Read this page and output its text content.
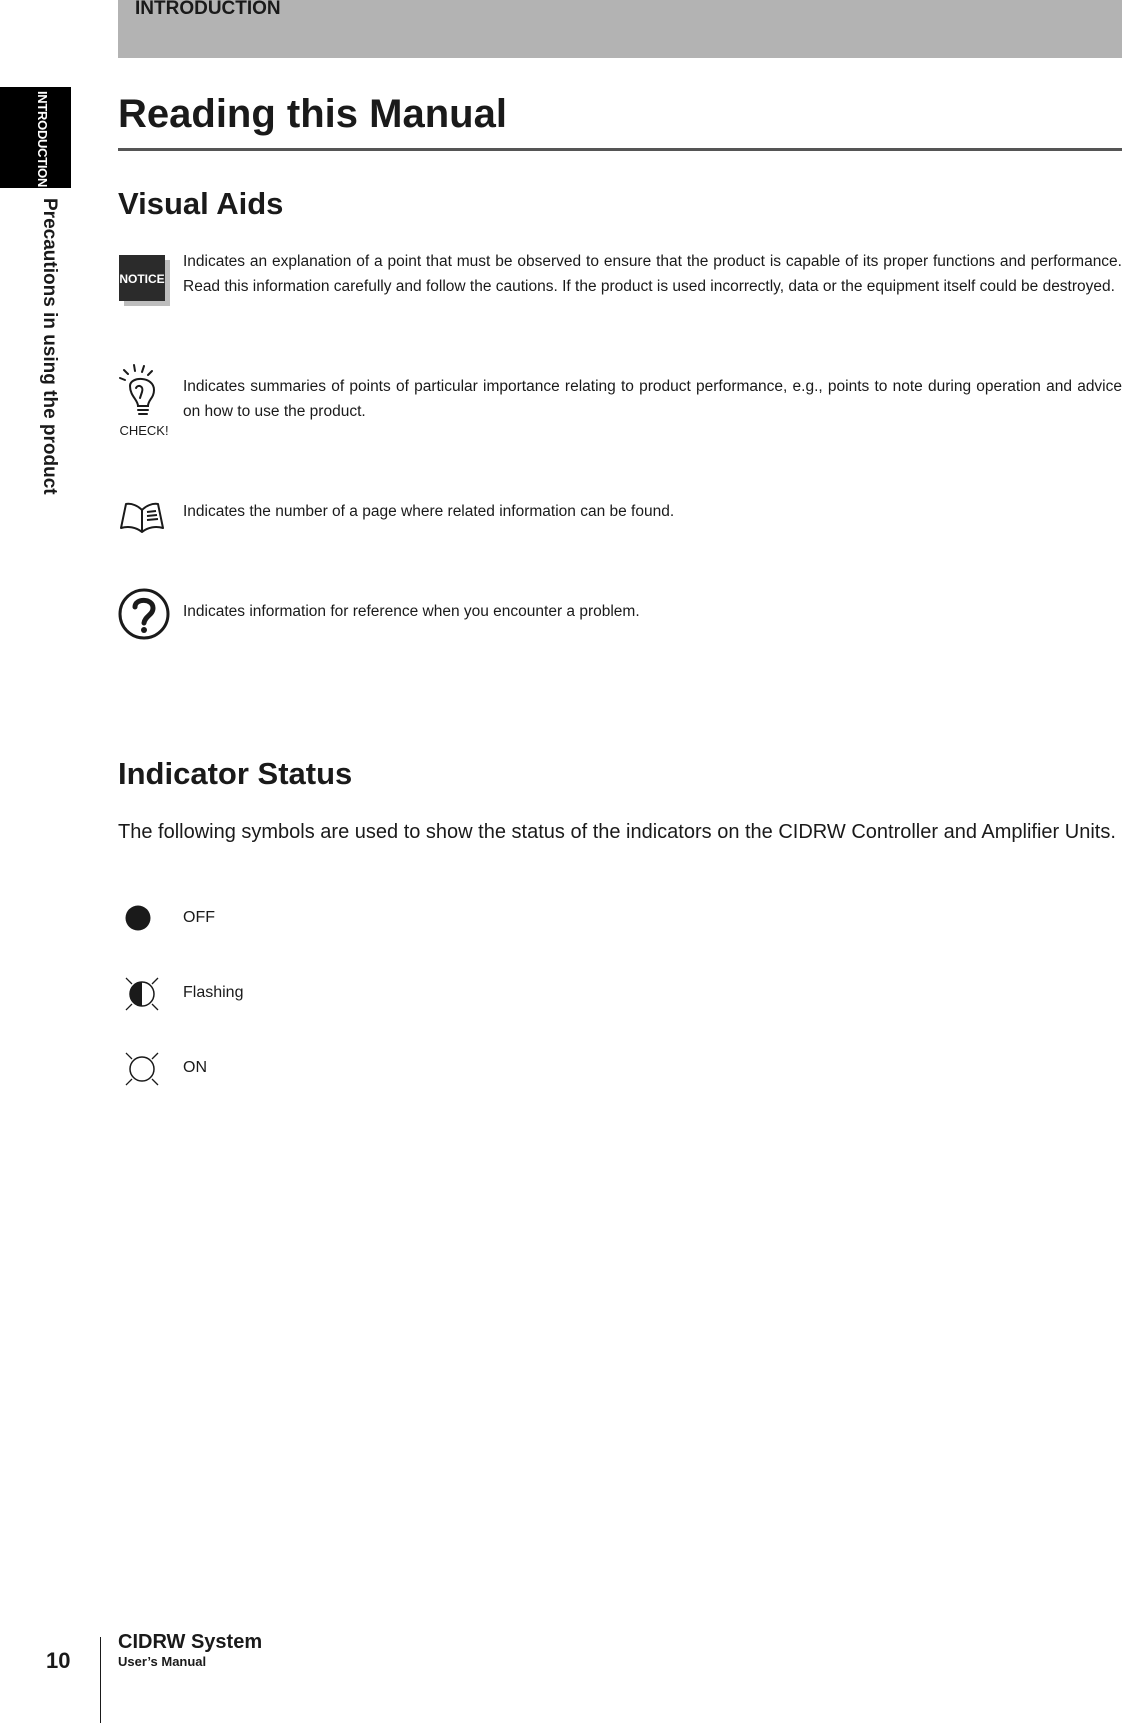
INTRODUCTION
INTRODUCTION
Precautions in using the product
Reading this Manual
Visual Aids
NOTICE
Indicates an explanation of a point that must be observed to ensure that the product is capable of its proper functions and performance. Read this information carefully and follow the cautions. If the product is used incorrectly, data or the equipment itself could be destroyed.
CHECK!
Indicates summaries of points of particular importance relating to product performance, e.g., points to note during operation and advice on how to use the product.
Indicates the number of a page where related information can be found.
Indicates information for reference when you encounter a problem.
Indicator Status

The following symbols are used to show the status of the indicators on the CIDRW Controller and Amplifier Units.

OFF
Flashing
ON
10
CIDRW System
User’s Manual
